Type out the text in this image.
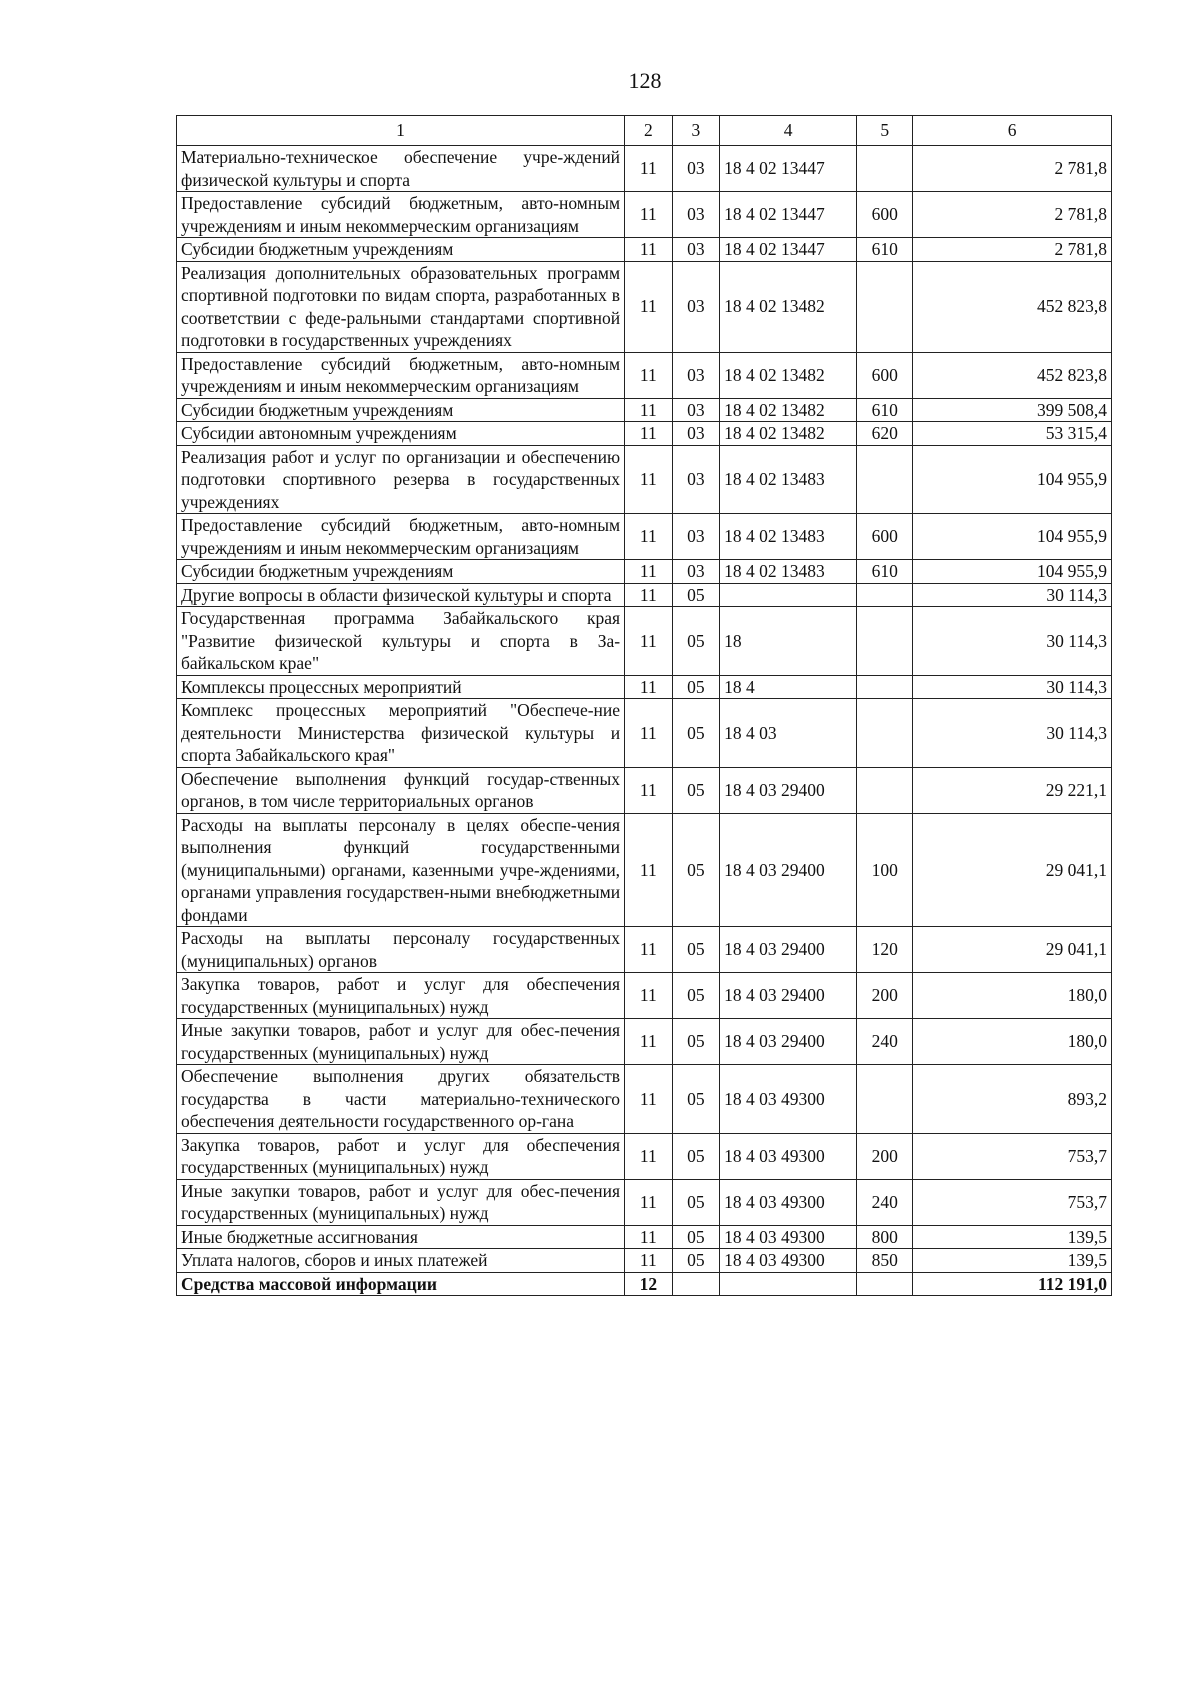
128
1	2	3	4	5	6
Материально-техническое обеспечение учре-ждений физической культуры и спорта	11	03	18 4 02 13447		2 781,8
Предоставление субсидий бюджетным, авто-номным учреждениям и иным некоммерческим организациям	11	03	18 4 02 13447	600	2 781,8
Субсидии бюджетным учреждениям	11	03	18 4 02 13447	610	2 781,8
Реализация дополнительных образовательных программ спортивной подготовки по видам спорта, разработанных в соответствии с феде-ральными стандартами спортивной подготовки в государственных учреждениях	11	03	18 4 02 13482		452 823,8
Предоставление субсидий бюджетным, авто-номным учреждениям и иным некоммерческим организациям	11	03	18 4 02 13482	600	452 823,8
Субсидии бюджетным учреждениям	11	03	18 4 02 13482	610	399 508,4
Субсидии автономным учреждениям	11	03	18 4 02 13482	620	53 315,4
Реализация работ и услуг по организации и обеспечению подготовки спортивного резерва в государственных учреждениях	11	03	18 4 02 13483		104 955,9
Предоставление субсидий бюджетным, авто-номным учреждениям и иным некоммерческим организациям	11	03	18 4 02 13483	600	104 955,9
Субсидии бюджетным учреждениям	11	03	18 4 02 13483	610	104 955,9
Другие вопросы в области физической культуры и спорта	11	05			30 114,3
Государственная программа Забайкальского края "Развитие физической культуры и спорта в За-байкальском крае"	11	05	18		30 114,3
Комплексы процессных мероприятий	11	05	18 4		30 114,3
Комплекс процессных мероприятий "Обеспече-ние деятельности Министерства физической культуры и спорта Забайкальского края"	11	05	18 4 03		30 114,3
Обеспечение выполнения функций государ-ственных органов, в том числе территориальных органов	11	05	18 4 03 29400		29 221,1
Расходы на выплаты персоналу в целях обеспе-чения выполнения функций государственными (муниципальными) органами, казенными учре-ждениями, органами управления государствен-ными внебюджетными фондами	11	05	18 4 03 29400	100	29 041,1
Расходы на выплаты персоналу государственных (муниципальных) органов	11	05	18 4 03 29400	120	29 041,1
Закупка товаров, работ и услуг для обеспечения государственных (муниципальных) нужд	11	05	18 4 03 29400	200	180,0
Иные закупки товаров, работ и услуг для обес-печения государственных (муниципальных) нужд	11	05	18 4 03 29400	240	180,0
Обеспечение выполнения других обязательств государства в части материально-технического обеспечения деятельности государственного ор-гана	11	05	18 4 03 49300		893,2
Закупка товаров, работ и услуг для обеспечения государственных (муниципальных) нужд	11	05	18 4 03 49300	200	753,7
Иные закупки товаров, работ и услуг для обес-печения государственных (муниципальных) нужд	11	05	18 4 03 49300	240	753,7
Иные бюджетные ассигнования	11	05	18 4 03 49300	800	139,5
Уплата налогов, сборов и иных платежей	11	05	18 4 03 49300	850	139,5
Средства массовой информации	12				112 191,0
